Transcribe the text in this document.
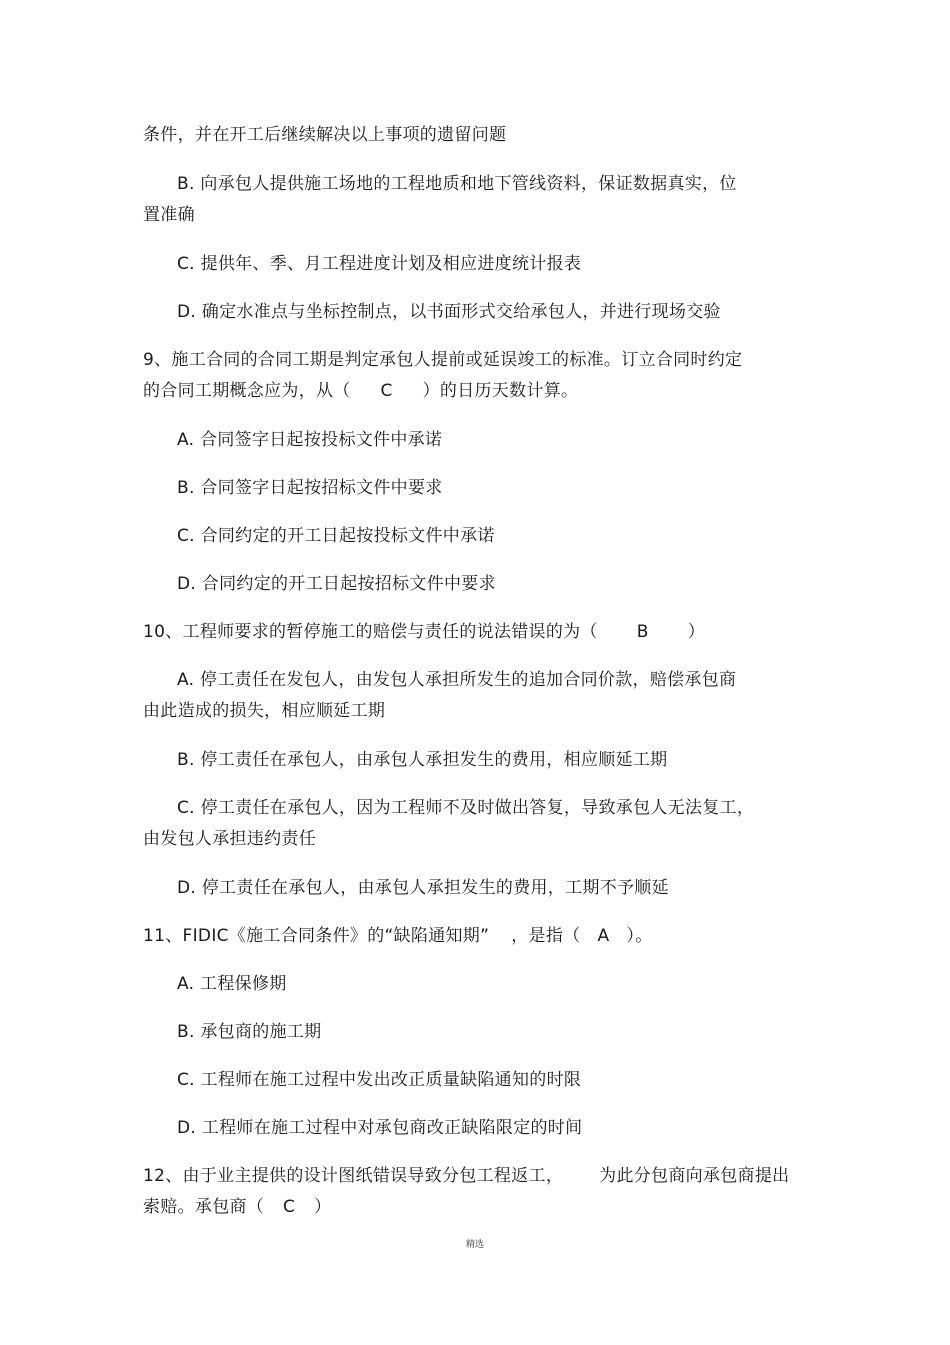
条件，并在开工后继续解决以上事项的遗留问题
B. 向承包人提供施工场地的工程地质和地下管线资料，保证数据真实，位
置准确
C. 提供年、季、月工程进度计划及相应进度统计报表
D. 确定水准点与坐标控制点，以书面形式交给承包人，并进行现场交验
9、施工合同的合同工期是判定承包人提前或延误竣工的标准。订立合同时约定
的合同工期概念应为，从（ C ）的日历天数计算。
A. 合同签字日起按投标文件中承诺
B. 合同签字日起按招标文件中要求
C. 合同约定的开工日起按投标文件中承诺
D. 合同约定的开工日起按招标文件中要求
10、工程师要求的暂停施工的赔偿与责任的说法错误的为（ B ）
A. 停工责任在发包人，由发包人承担所发生的追加合同价款，赔偿承包商
由此造成的损失，相应顺延工期
B. 停工责任在承包人，由承包人承担发生的费用，相应顺延工期
C. 停工责任在承包人，因为工程师不及时做出答复，导致承包人无法复工，
由发包人承担违约责任
D. 停工责任在承包人，由承包人承担发生的费用，工期不予顺延
11、FIDIC《施工合同条件》的“缺陷通知期” ，是指（ A ）。
A. 工程保修期
B. 承包商的施工期
C. 工程师在施工过程中发出改正质量缺陷通知的时限
D. 工程师在施工过程中对承包商改正缺陷限定的时间
12、由于业主提供的设计图纸错误导致分包工程返工， 为此分包商向承包商提出
索赔。承包商（ C ）
精选
